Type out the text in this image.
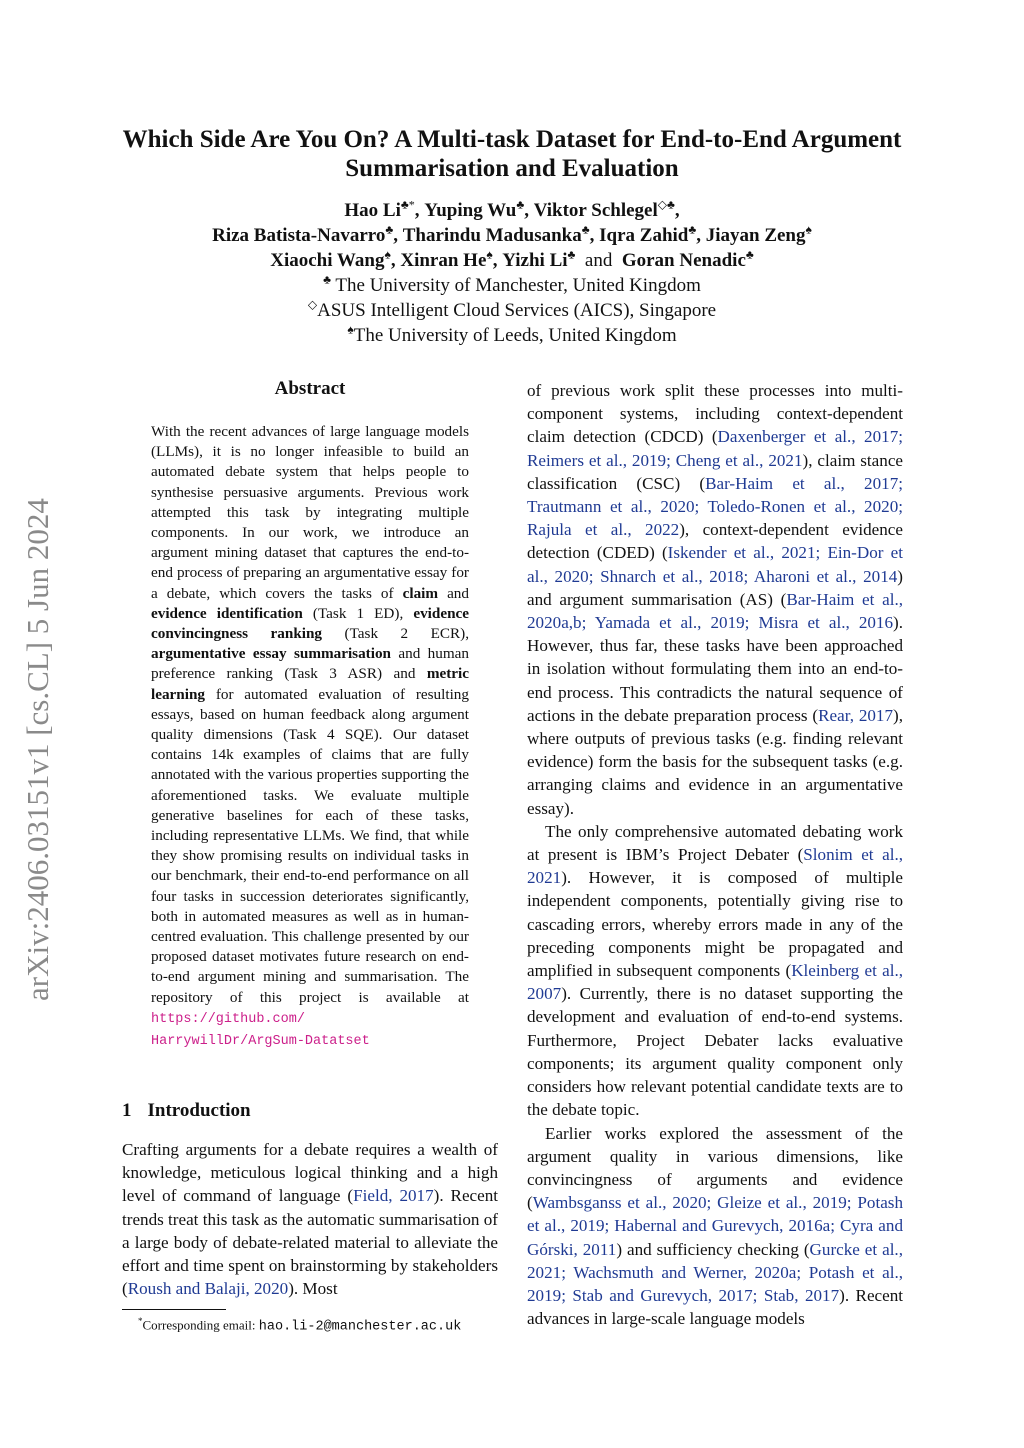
arXiv:2406.03151v1 [cs.CL] 5 Jun 2024
Which Side Are You On? A Multi-task Dataset for End-to-End Argument Summarisation and Evaluation
Hao Li♣*, Yuping Wu♣, Viktor Schlegel◇♣,
Riza Batista-Navarro♣, Tharindu Madusanka♣, Iqra Zahid♣, Jiayan Zeng♠
Xiaochi Wang♠, Xinran He♠, Yizhi Li♣ and Goran Nenadic♣
♣ The University of Manchester, United Kingdom
◇ASUS Intelligent Cloud Services (AICS), Singapore
♠The University of Leeds, United Kingdom
Abstract
With the recent advances of large language models (LLMs), it is no longer infeasible to build an automated debate system that helps people to synthesise persuasive arguments. Previous work attempted this task by integrating multiple components. In our work, we introduce an argument mining dataset that captures the end-to-end process of preparing an argumentative essay for a debate, which covers the tasks of claim and evidence identification (Task 1 ED), evidence convincingness ranking (Task 2 ECR), argumentative essay summarisation and human preference ranking (Task 3 ASR) and metric learning for automated evaluation of resulting essays, based on human feedback along argument quality dimensions (Task 4 SQE). Our dataset contains 14k examples of claims that are fully annotated with the various properties supporting the aforementioned tasks. We evaluate multiple generative baselines for each of these tasks, including representative LLMs. We find, that while they show promising results on individual tasks in our benchmark, their end-to-end performance on all four tasks in succession deteriorates significantly, both in automated measures as well as in human-centred evaluation. This challenge presented by our proposed dataset motivates future research on end-to-end argument mining and summarisation. The repository of this project is available at https://github.com/
HarrywillDr/ArgSum-Datatset
1 Introduction

Crafting arguments for a debate requires a wealth of knowledge, meticulous logical thinking and a high level of command of language (Field, 2017). Recent trends treat this task as the automatic summarisation of a large body of debate-related material to alleviate the effort and time spent on brainstorming by stakeholders (Roush and Balaji, 2020). Most

*Corresponding email: hao.li-2@manchester.ac.uk

of previous work split these processes into multi-component systems, including context-dependent claim detection (CDCD) (Daxenberger et al., 2017; Reimers et al., 2019; Cheng et al., 2021), claim stance classification (CSC) (Bar-Haim et al., 2017; Trautmann et al., 2020; Toledo-Ronen et al., 2020; Rajula et al., 2022), context-dependent evidence detection (CDED) (Iskender et al., 2021; Ein-Dor et al., 2020; Shnarch et al., 2018; Aharoni et al., 2014) and argument summarisation (AS) (Bar-Haim et al., 2020a,b; Yamada et al., 2019; Misra et al., 2016). However, thus far, these tasks have been approached in isolation without formulating them into an end-to-end process. This contradicts the natural sequence of actions in the debate preparation process (Rear, 2017), where outputs of previous tasks (e.g. finding relevant evidence) form the basis for the subsequent tasks (e.g. arranging claims and evidence in an argumentative essay).

The only comprehensive automated debating work at present is IBM’s Project Debater (Slonim et al., 2021). However, it is composed of multiple independent components, potentially giving rise to cascading errors, whereby errors made in any of the preceding components might be propagated and amplified in subsequent components (Kleinberg et al., 2007). Currently, there is no dataset supporting the development and evaluation of end-to-end systems. Furthermore, Project Debater lacks evaluative components; its argument quality component only considers how relevant potential candidate texts are to the debate topic.

Earlier works explored the assessment of the argument quality in various dimensions, like convincingness of arguments and evidence (Wambsganss et al., 2020; Gleize et al., 2019; Potash et al., 2019; Habernal and Gurevych, 2016a; Cyra and Górski, 2011) and sufficiency checking (Gurcke et al., 2021; Wachsmuth and Werner, 2020a; Potash et al., 2019; Stab and Gurevych, 2017; Stab, 2017). Recent advances in large-scale language models
